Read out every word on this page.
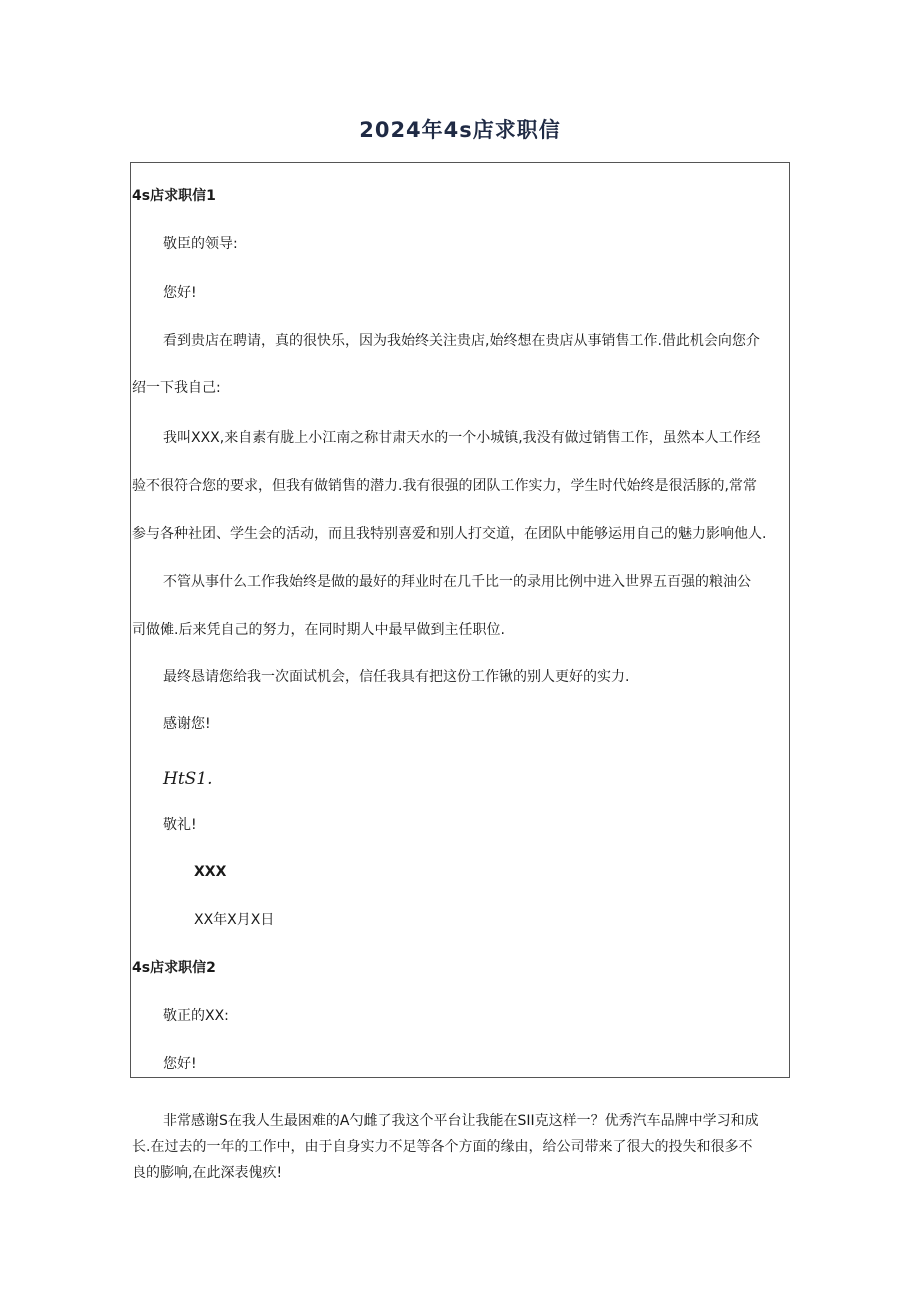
2024年4s店求职信
4s店求职信1
敬臣的领导:
您好!
看到贵店在聘请，真的很快乐，因为我始终关注贵店,始终想在贵店从事销售工作.借此机会向您介
绍一下我自己:
我叫XXX,来自素有胧上小江南之称甘肃天水的一个小城镇,我没有做过销售工作，虽然本人工作经
验不很符合您的要求，但我有做销售的潜力.我有很强的团队工作实力，学生时代始终是很活豚的,常常
参与各种社团、学生会的活动，而且我特别喜爱和别人打交道，在团队中能够运用自己的魅力影响他人.
不管从事什么工作我始终是做的最好的拜业时在几千比一的录用比例中进入世界五百强的粮油公
司做傩.后来凭自己的努力，在同时期人中最早做到主任职位.
最终恳请您给我一次面试机会，信任我具有把这份工作锹的别人更好的实力.
感谢您!
HtS1.
敬礼!
XXX
XX年X月X日
4s店求职信2
敬正的XX:
您好!
非常感谢S在我人生最困难的A勺雌了我这个平台让我能在SII克这样一？优秀汽车品牌中学习和成
长.在过去的一年的工作中，由于自身实力不足等各个方面的缘由，给公司带来了很大的投失和很多不
良的膨响,在此深表傀疚!
